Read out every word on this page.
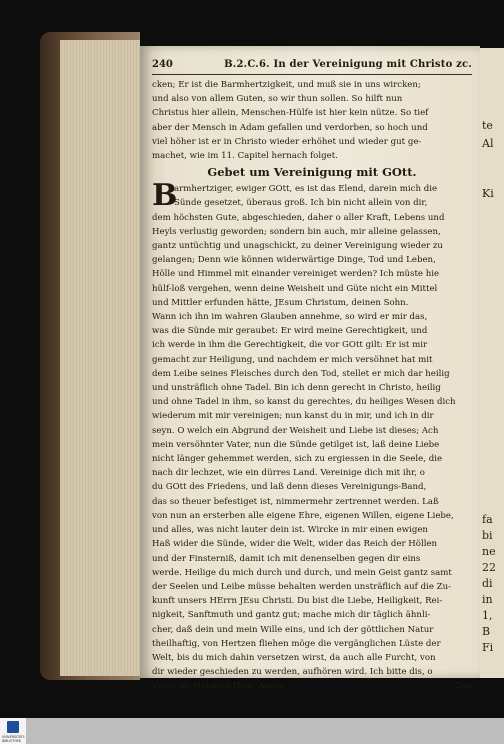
te
Al
Ki
fa
bi
ne
22
di
in
1,
B
Fi
240	B.2.C.6. In der Vereinigung mit Christo zc.
cken; Er ist die Barmhertzigkeit, und muß sie in uns wircken;
und also von allem Guten, so wir thun sollen. So hilft nun
Christus hier allein, Menschen-Hülfe ist hier kein nütze. So tief
aber der Mensch in Adam gefallen und verdorben, so hoch und
viel höher ist er in Christo wieder erhöhet und wieder gut ge-
machet, wie im 11. Capitel hernach folget.
Gebet um Vereinigung mit GOtt.
B
armhertziger, ewiger GOtt, es ist das Elend, darein mich die
Sünde gesetzet, überaus groß. Ich bin nicht allein von dir,
dem höchsten Gute, abgeschieden, daher o aller Kraft, Lebens und
Heyls verlustig geworden; sondern bin auch, mir alleine gelassen,
gantz untüchtig und unagschickt, zu deiner Vereinigung wieder zu
gelangen; Denn wie können widerwärtige Dinge, Tod und Leben,
Hölle und Himmel mit einander vereiniget werden? Ich müste hie
hülf-loß vergehen, wenn deine Weisheit und Güte nicht ein Mittel
und Mittler erfunden hätte, JEsum Christum, deinen Sohn.
Wann ich ihn im wahren Glauben annehme, so wird er mir das,
was die Sünde mir geraubet: Er wird meine Gerechtigkeit, und
ich werde in ihm die Gerechtigkeit, die vor GOtt gilt: Er ist mir
gemacht zur Heiligung, und nachdem er mich versöhnet hat mit
dem Leibe seines Fleisches durch den Tod, stellet er mich dar heilig
und unsträflich ohne Tadel. Bin ich denn gerecht in Christo, heilig
und ohne Tadel in ihm, so kanst du gerechtes, du heiliges Wesen dich
wiederum mit mir vereinigen; nun kanst du in mir, und ich in dir
seyn. O welch ein Abgrund der Weisheit und Liebe ist dieses; Ach
mein versöhnter Vater, nun die Sünde getilget ist, laß deine Liebe
nicht länger gehemmet werden, sich zu ergiessen in die Seele, die
nach dir lechzet, wie ein dürres Land. Vereinige dich mit ihr, o
du GOtt des Friedens, und laß denn dieses Vereinigungs-Band,
das so theuer befestiget ist, nimmermehr zertrennet werden. Laß
von nun an ersterben alle eigene Ehre, eigenen Willen, eigene Liebe,
und alles, was nicht lauter dein ist. Wircke in mir einen ewigen
Haß wider die Sünde, wider die Welt, wider das Reich der Höllen
und der Finsterniß, damit ich mit denenselben gegen dir eins
werde. Heilige du mich durch und durch, und mein Geist gantz samt
der Seelen und Leibe müsse behalten werden unsträflich auf die Zu-
kunft unsers HErrn JEsu Christi. Du bist die Liebe, Heiligkeit, Rei-
nigkeit, Sanftmuth und gantz gut; mache mich dir täglich ähnli-
cher, daß dein und mein Wille eins, und ich der göttlichen Natur
theilhaftig, von Hertzen fliehen möge die vergänglichen Lüste der
Welt, bis du mich dahin versetzen wirst, da auch alle Furcht, von
dir wieder geschieden zu werden, aufhören wird. Ich bitte dis, o
Vater, im Nahmen JEsu, Amen.	Das
UNIVERSITÄTS
BIBLIOTHEK
